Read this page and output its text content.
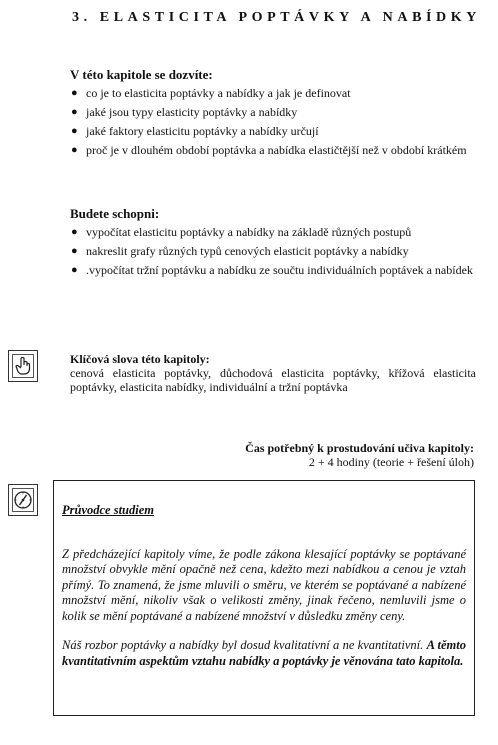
3. ELASTICITA POPTÁVKY A NABÍDKY
V této kapitole se dozvíte:
● co je to elasticita poptávky a nabídky a jak je definovat
● jaké jsou typy elasticity poptávky a nabídky
● jaké faktory elasticitu poptávky a nabídky určují
● proč je v dlouhém období poptávka a nabídka elastičtější než v období krátkém
Budete schopni:
● vypočítat elasticitu poptávky a nabídky na základě různých postupů
● nakreslit grafy různých typů cenových elasticit poptávky a nabídky
● .vypočítat tržní poptávku a nabídku ze součtu individuálních poptávek a nabídek
Klíčová slova této kapitoly:
cenová elasticita poptávky, důchodová elasticita poptávky, křížová elasticita poptávky, elasticita nabídky, individuální a tržní poptávka
Čas potřebný k prostudování učiva kapitoly:
2 + 4 hodiny (teorie + řešení úloh)
Průvodce studiem
Z předcházející kapitoly víme, že podle zákona klesající poptávky se poptávané množství obvykle mění opačně než cena, kdežto mezi nabídkou a cenou je vztah přímý. To znamená, že jsme mluvili o směru, ve kterém se poptávané a nabízené množství mění, nikoliv však o velikosti změny, jinak řečeno, nemluvili jsme o kolik se mění poptávané a nabízené množství v důsledku změny ceny.
Náš rozbor poptávky a nabídky byl dosud kvalitativní a ne kvantitativní. A těmto kvantitativním aspektům vztahu nabídky a poptávky je věnována tato kapitola.
